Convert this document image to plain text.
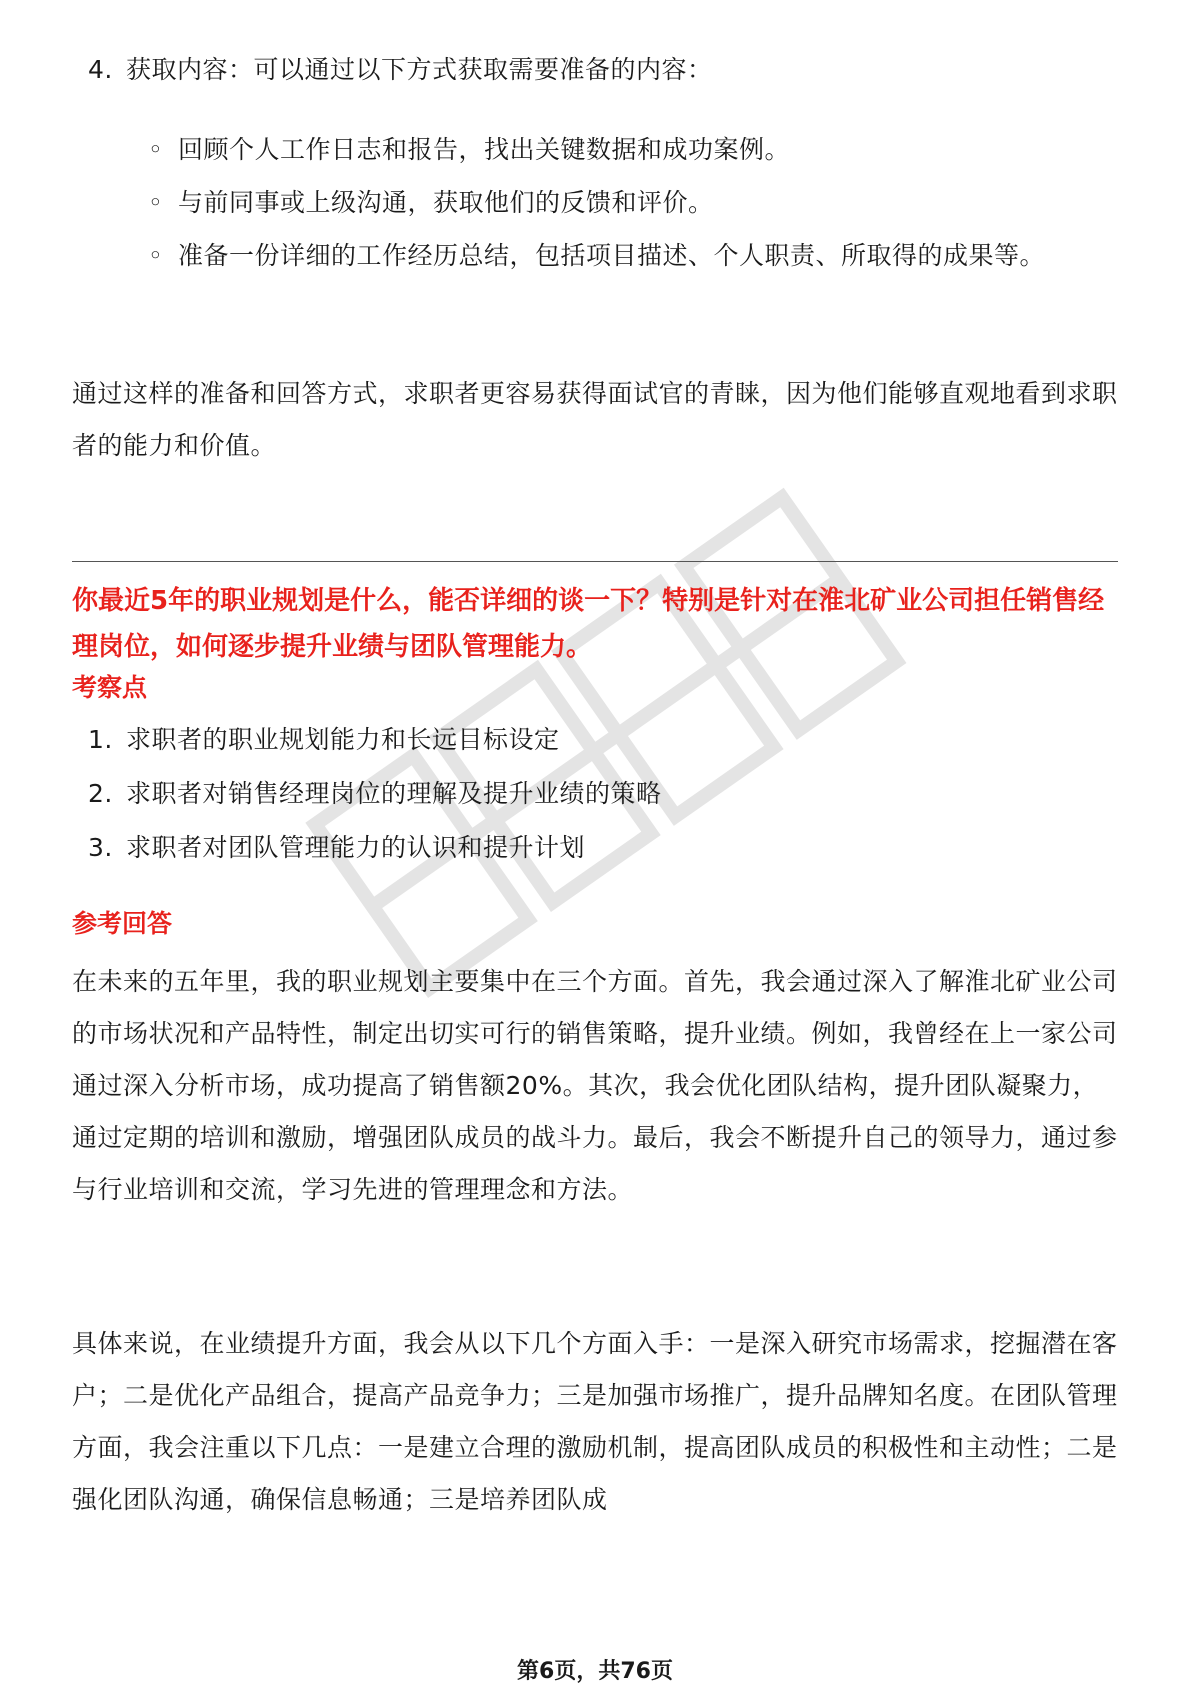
4. 获取内容：可以通过以下方式获取需要准备的内容：
◦ 回顾个人工作日志和报告，找出关键数据和成功案例。
◦ 与前同事或上级沟通，获取他们的反馈和评价。
◦ 准备一份详细的工作经历总结，包括项目描述、个人职责、所取得的成果等。
通过这样的准备和回答方式，求职者更容易获得面试官的青睐，因为他们能够直观地看到求职者的能力和价值。
你最近5年的职业规划是什么，能否详细的谈一下？特别是针对在淮北矿业公司担任销售经理岗位，如何逐步提升业绩与团队管理能力。
考察点
1. 求职者的职业规划能力和长远目标设定
2. 求职者对销售经理岗位的理解及提升业绩的策略
3. 求职者对团队管理能力的认识和提升计划
参考回答
在未来的五年里，我的职业规划主要集中在三个方面。首先，我会通过深入了解淮北矿业公司的市场状况和产品特性，制定出切实可行的销售策略，提升业绩。例如，我曾经在上一家公司通过深入分析市场，成功提高了销售额20%。其次，我会优化团队结构，提升团队凝聚力，通过定期的培训和激励，增强团队成员的战斗力。最后，我会不断提升自己的领导力，通过参与行业培训和交流，学习先进的管理理念和方法。
具体来说，在业绩提升方面，我会从以下几个方面入手：一是深入研究市场需求，挖掘潜在客户；二是优化产品组合，提高产品竞争力；三是加强市场推广，提升品牌知名度。在团队管理方面，我会注重以下几点：一是建立合理的激励机制，提高团队成员的积极性和主动性；二是强化团队沟通，确保信息畅通；三是培养团队成
第6页，共76页
